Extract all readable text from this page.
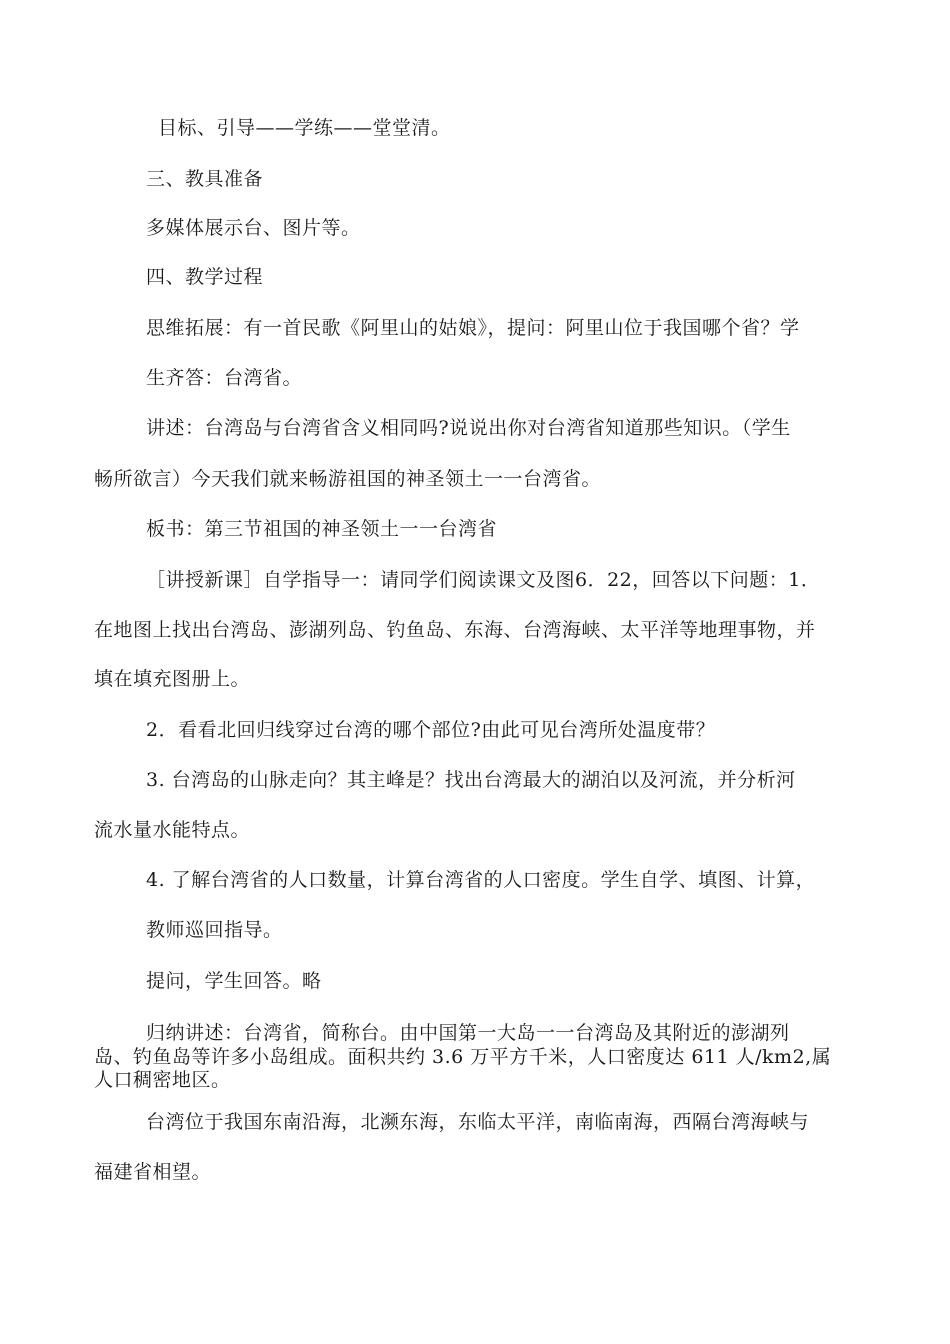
目标、引导——学练——堂堂清。
三、教具准备
多媒体展示台、图片等。
四、教学过程
思维拓展：有一首民歌《阿里山的姑娘》，提问：阿里山位于我国哪个省？学
生齐答：台湾省。
讲述：台湾岛与台湾省含义相同吗?说说出你对台湾省知道那些知识。（学生
畅所欲言）今天我们就来畅游祖国的神圣领土一一台湾省。
板书：第三节祖国的神圣领土一一台湾省
［讲授新课］自学指导一：请同学们阅读课文及图6．22，回答以下问题：1．
在地图上找出台湾岛、澎湖列岛、钓鱼岛、东海、台湾海峡、太平洋等地理事物，并
填在填充图册上。
2．看看北回归线穿过台湾的哪个部位?由此可见台湾所处温度带？
3. 台湾岛的山脉走向？其主峰是？找出台湾最大的湖泊以及河流，并分析河
流水量水能特点。
4. 了解台湾省的人口数量，计算台湾省的人口密度。学生自学、填图、计算，
教师巡回指导。
提问，学生回答。略
归纳讲述：台湾省，简称台。由中国第一大岛一一台湾岛及其附近的澎湖列
岛、钓鱼岛等许多小岛组成。面积共约 3.6 万平方千米，人口密度达 611 人/km2,属
人口稠密地区。
台湾位于我国东南沿海，北濒东海，东临太平洋，南临南海，西隔台湾海峡与
福建省相望。
